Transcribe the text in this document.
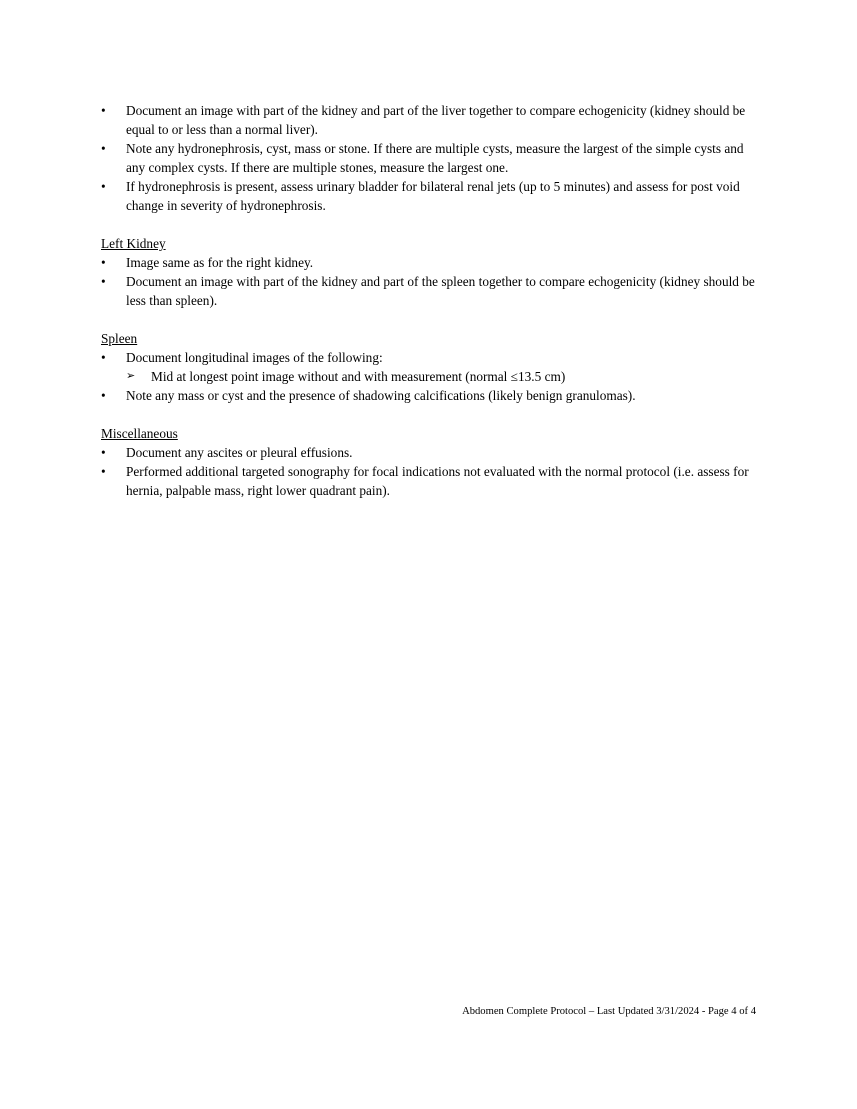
•
Document an image with part of the kidney and part of the liver together to compare echogenicity (kidney should be equal to or less than a normal liver).
•
Note any hydronephrosis, cyst, mass or stone. If there are multiple cysts, measure the largest of the simple cysts and any complex cysts. If there are multiple stones, measure the largest one.
•
If hydronephrosis is present, assess urinary bladder for bilateral renal jets (up to 5 minutes) and assess for post void change in severity of hydronephrosis.
Left Kidney
•
Image same as for the right kidney.
•
Document an image with part of the kidney and part of the spleen together to compare echogenicity (kidney should be less than spleen).
Spleen
•
Document longitudinal images of the following:
➢ Mid at longest point image without and with measurement (normal ≤13.5 cm)
•
Note any mass or cyst and the presence of shadowing calcifications (likely benign granulomas).
Miscellaneous
•
Document any ascites or pleural effusions.
•
Performed additional targeted sonography for focal indications not evaluated with the normal protocol (i.e. assess for hernia, palpable mass, right lower quadrant pain).
Abdomen Complete Protocol – Last Updated 3/31/2024 - Page 4 of 4
